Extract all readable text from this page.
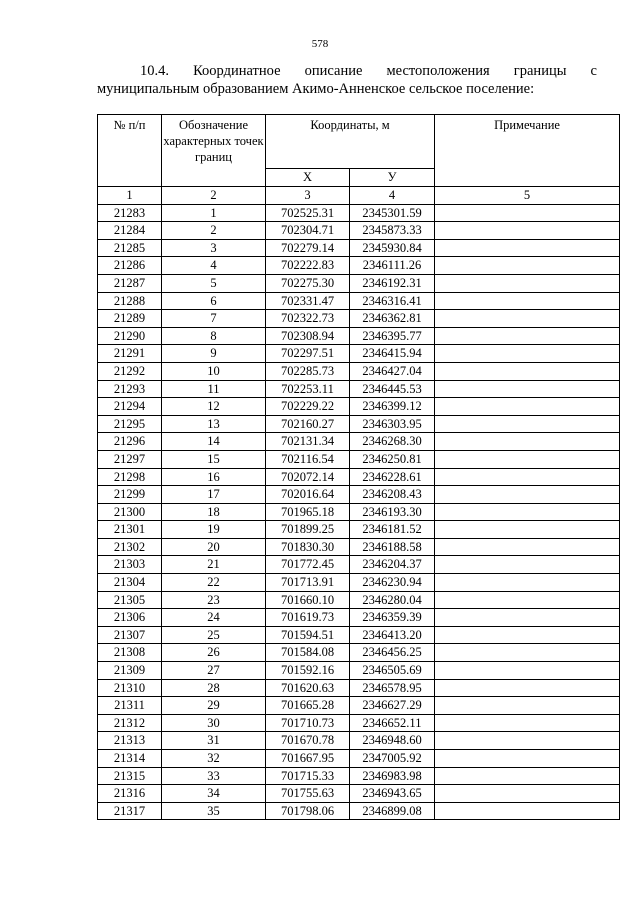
578
10.4. Координатное описание местоположения границы с
муниципальным образованием Акимо-Анненское сельское поселение:
№ п/п	Обозначение характерных точек границ	Координаты, м		Примечание
		Х	У	
1	2	3	4	5
21283	1	702525.31	2345301.59	
21284	2	702304.71	2345873.33	
21285	3	702279.14	2345930.84	
21286	4	702222.83	2346111.26	
21287	5	702275.30	2346192.31	
21288	6	702331.47	2346316.41	
21289	7	702322.73	2346362.81	
21290	8	702308.94	2346395.77	
21291	9	702297.51	2346415.94	
21292	10	702285.73	2346427.04	
21293	11	702253.11	2346445.53	
21294	12	702229.22	2346399.12	
21295	13	702160.27	2346303.95	
21296	14	702131.34	2346268.30	
21297	15	702116.54	2346250.81	
21298	16	702072.14	2346228.61	
21299	17	702016.64	2346208.43	
21300	18	701965.18	2346193.30	
21301	19	701899.25	2346181.52	
21302	20	701830.30	2346188.58	
21303	21	701772.45	2346204.37	
21304	22	701713.91	2346230.94	
21305	23	701660.10	2346280.04	
21306	24	701619.73	2346359.39	
21307	25	701594.51	2346413.20	
21308	26	701584.08	2346456.25	
21309	27	701592.16	2346505.69	
21310	28	701620.63	2346578.95	
21311	29	701665.28	2346627.29	
21312	30	701710.73	2346652.11	
21313	31	701670.78	2346948.60	
21314	32	701667.95	2347005.92	
21315	33	701715.33	2346983.98	
21316	34	701755.63	2346943.65	
21317	35	701798.06	2346899.08	
